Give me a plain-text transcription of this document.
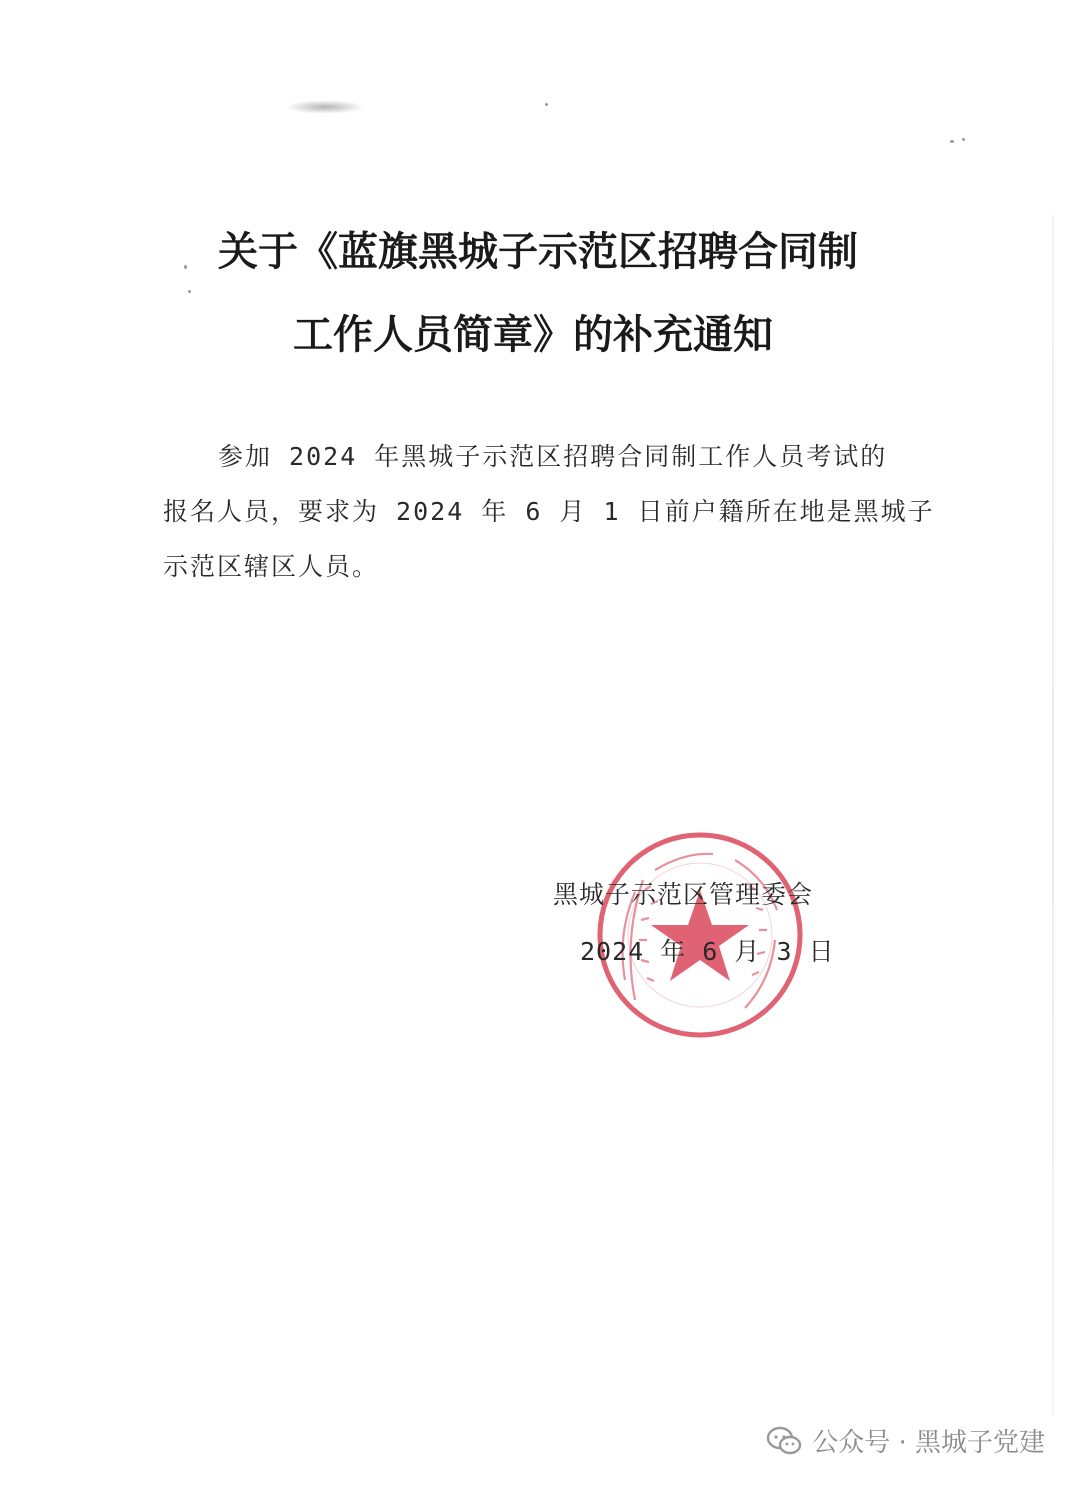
关于《蓝旗黑城子示范区招聘合同制
工作人员简章》的补充通知
参加 2024 年黑城子示范区招聘合同制工作人员考试的
报名人员，要求为 2024 年 6 月 1 日前户籍所在地是黑城子
示范区辖区人员。
黑城子示范区管理委会
2024 年 6 月 3 日
公众号 · 黑城子党建
